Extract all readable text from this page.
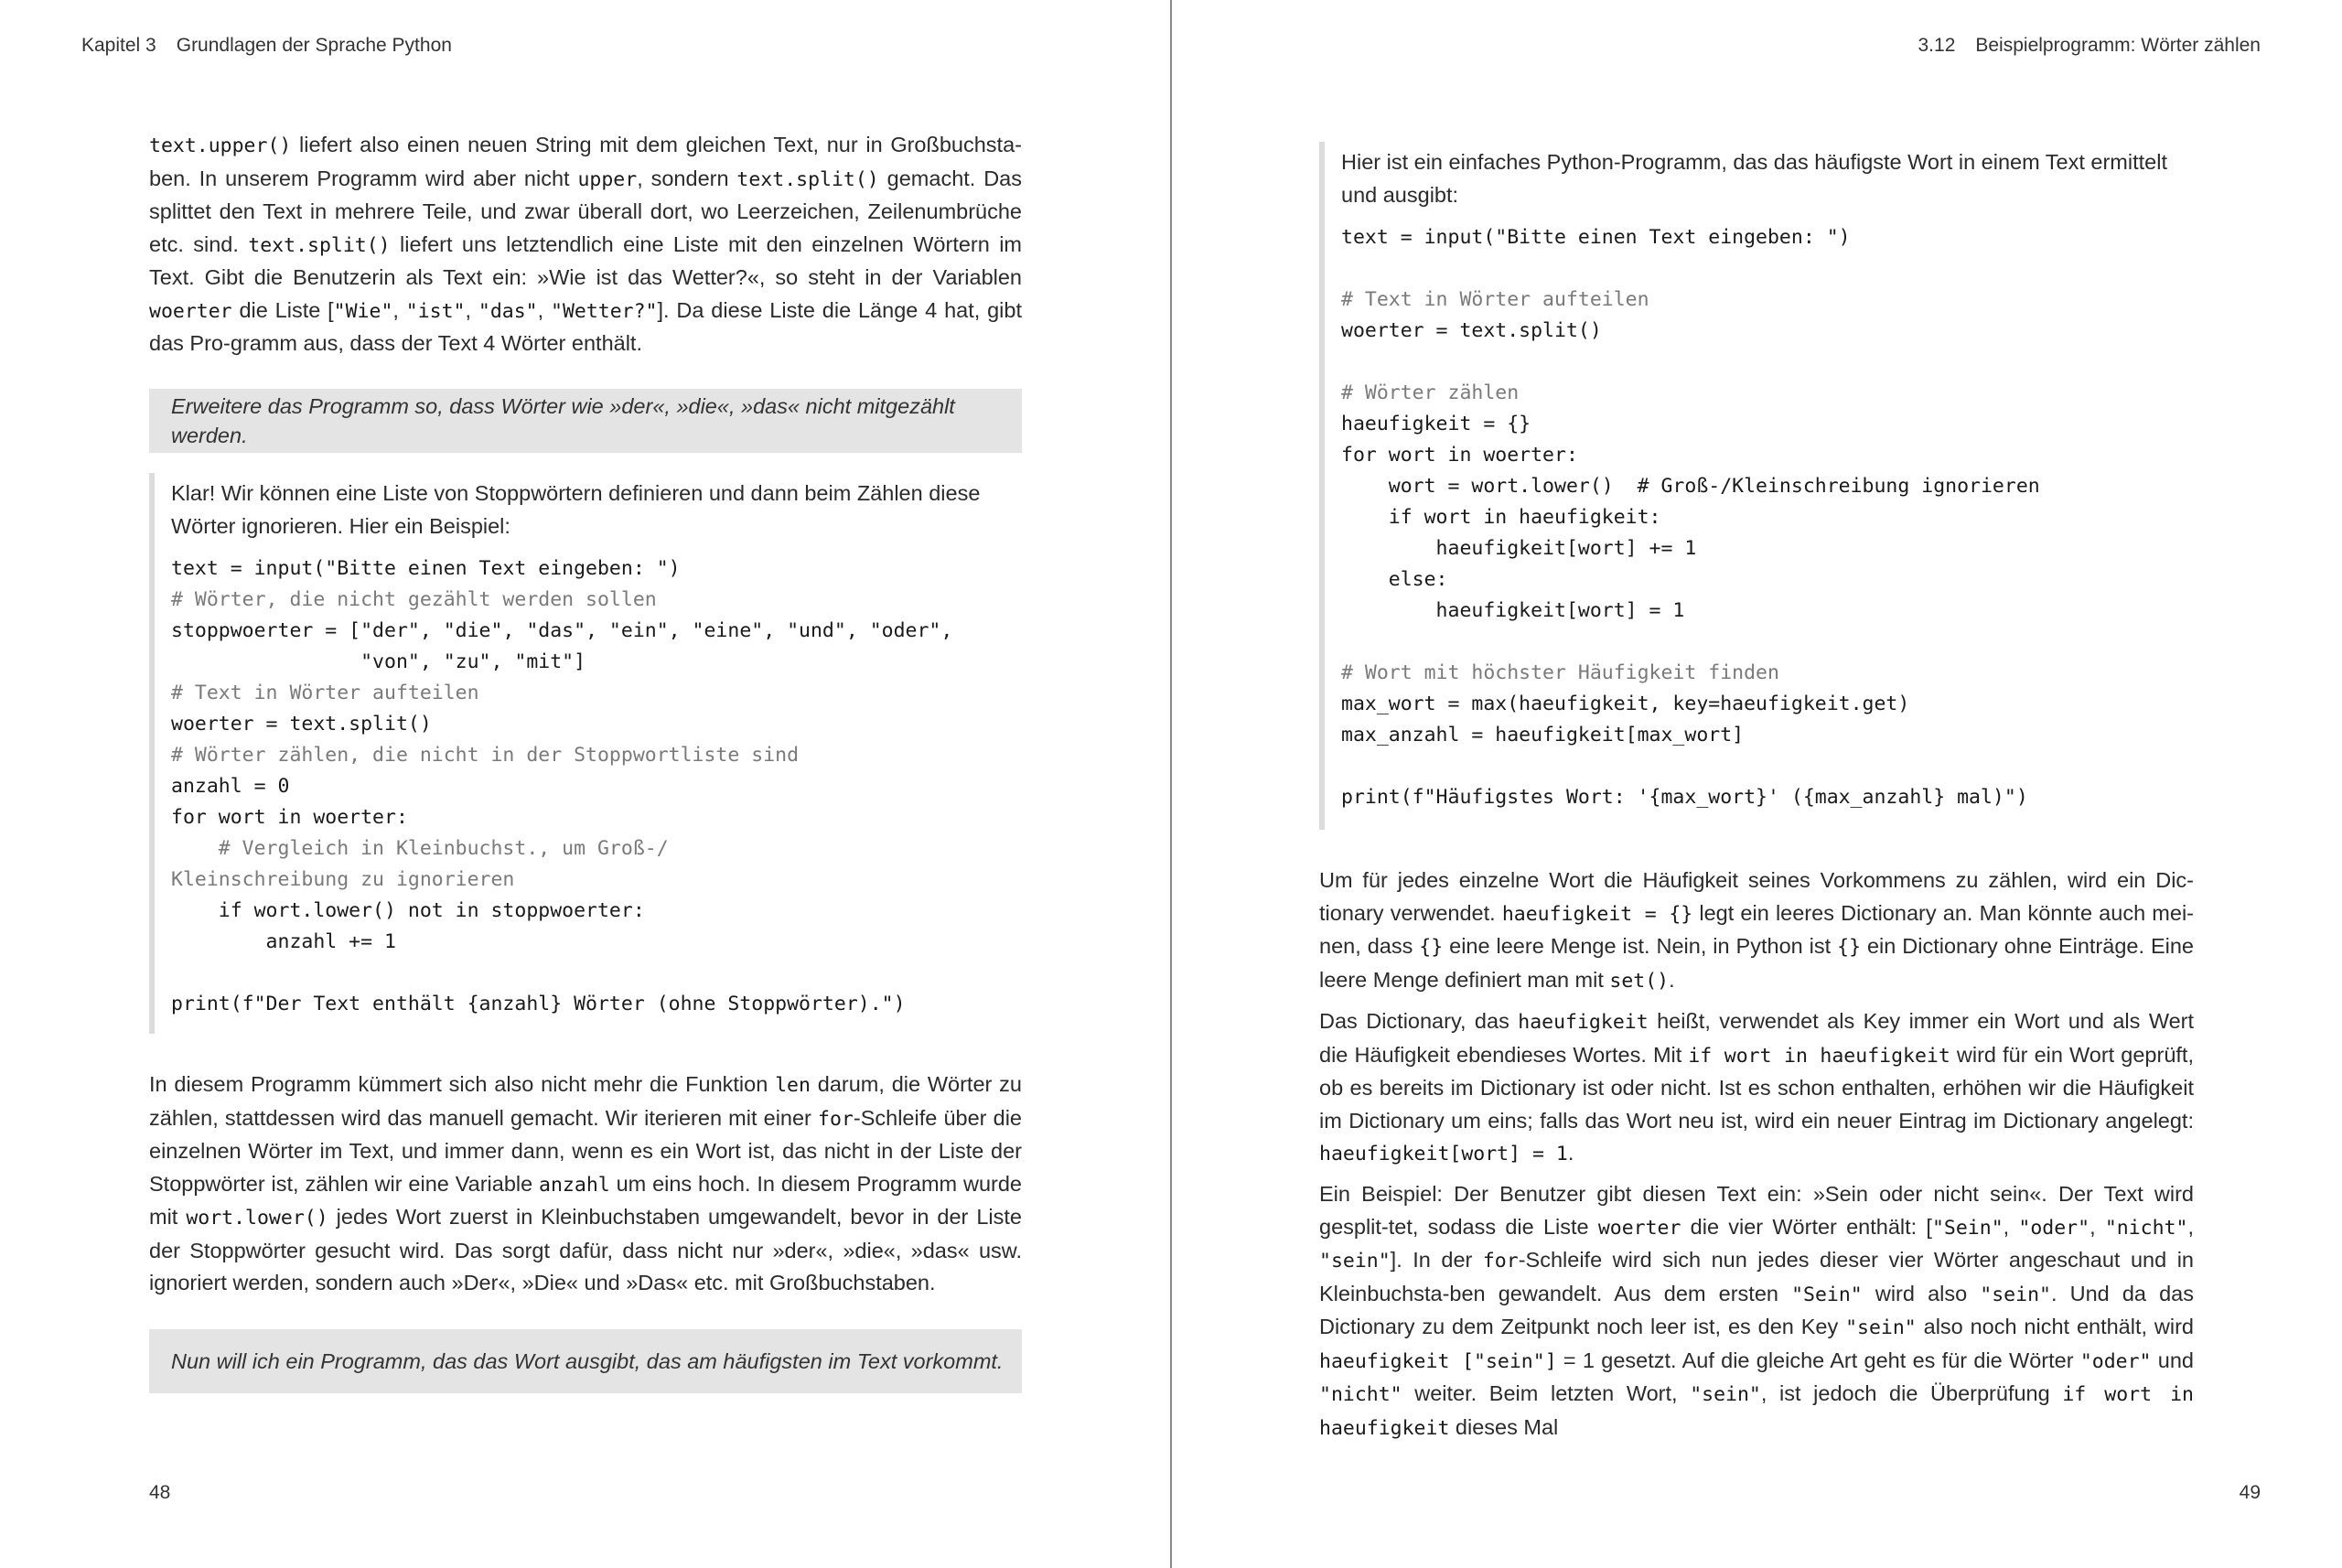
Kapitel 3 Grundlagen der Sprache Python

text.upper() liefert also einen neuen String mit dem gleichen Text, nur in Großbuchsta-ben. In unserem Programm wird aber nicht upper, sondern text.split() gemacht. Das splittet den Text in mehrere Teile, und zwar überall dort, wo Leerzeichen, Zeilenumbrüche etc. sind. text.split() liefert uns letztendlich eine Liste mit den einzelnen Wörtern im Text. Gibt die Benutzerin als Text ein: »Wie ist das Wetter?«, so steht in der Variablen woerter die Liste ["Wie", "ist", "das", "Wetter?"]. Da diese Liste die Länge 4 hat, gibt das Pro-gramm aus, dass der Text 4 Wörter enthält.

Erweitere das Programm so, dass Wörter wie »der«, »die«, »das« nicht mitgezählt werden.

Klar! Wir können eine Liste von Stoppwörtern definieren und dann beim Zählen diese Wörter ignorieren. Hier ein Beispiel:

text = input("Bitte einen Text eingeben: ")
# Wörter, die nicht gezählt werden sollen
stoppwoerter = ["der", "die", "das", "ein", "eine", "und", "oder",
"von", "zu", "mit"]
# Text in Wörter aufteilen
woerter = text.split()
# Wörter zählen, die nicht in der Stoppwortliste sind
anzahl = 0
for wort in woerter:
# Vergleich in Kleinbuchst., um Groß-/
Kleinschreibung zu ignorieren
if wort.lower() not in stoppwoerter:
anzahl += 1
print(f"Der Text enthält {anzahl} Wörter (ohne Stoppwörter).")

In diesem Programm kümmert sich also nicht mehr die Funktion len darum, die Wörter zu zählen, stattdessen wird das manuell gemacht. Wir iterieren mit einer for-Schleife über die einzelnen Wörter im Text, und immer dann, wenn es ein Wort ist, das nicht in der Liste der Stoppwörter ist, zählen wir eine Variable anzahl um eins hoch. In diesem Programm wurde mit wort.lower() jedes Wort zuerst in Kleinbuchstaben umgewandelt, bevor in der Liste der Stoppwörter gesucht wird. Das sorgt dafür, dass nicht nur »der«, »die«, »das« usw. ignoriert werden, sondern auch »Der«, »Die« und »Das« etc. mit Großbuchstaben.

Nun will ich ein Programm, das das Wort ausgibt, das am häufigsten im Text vorkommt.
48
3.12 Beispielprogramm: Wörter zählen

Hier ist ein einfaches Python-Programm, das das häufigste Wort in einem Text ermittelt und ausgibt:

text = input("Bitte einen Text eingeben: ")
# Text in Wörter aufteilen
woerter = text.split()
# Wörter zählen
haeufigkeit = {}
for wort in woerter:
wort = wort.lower()  # Groß-/Kleinschreibung ignorieren
if wort in haeufigkeit:
haeufigkeit[wort] += 1
else:
haeufigkeit[wort] = 1
# Wort mit höchster Häufigkeit finden
max_wort = max(haeufigkeit, key=haeufigkeit.get)
max_anzahl = haeufigkeit[max_wort]
print(f"Häufigstes Wort: '{max_wort}' ({max_anzahl} mal)")

Um für jedes einzelne Wort die Häufigkeit seines Vorkommens zu zählen, wird ein Dic-tionary verwendet. haeufigkeit = {} legt ein leeres Dictionary an. Man könnte auch mei-nen, dass {} eine leere Menge ist. Nein, in Python ist {} ein Dictionary ohne Einträge. Eine leere Menge definiert man mit set().

Das Dictionary, das haeufigkeit heißt, verwendet als Key immer ein Wort und als Wert die Häufigkeit ebendieses Wortes. Mit if wort in haeufigkeit wird für ein Wort geprüft, ob es bereits im Dictionary ist oder nicht. Ist es schon enthalten, erhöhen wir die Häufigkeit im Dictionary um eins; falls das Wort neu ist, wird ein neuer Eintrag im Dictionary angelegt: haeufigkeit[wort] = 1.

Ein Beispiel: Der Benutzer gibt diesen Text ein: »Sein oder nicht sein«. Der Text wird gesplit-tet, sodass die Liste woerter die vier Wörter enthält: ["Sein", "oder", "nicht", "sein"]. In der for-Schleife wird sich nun jedes dieser vier Wörter angeschaut und in Kleinbuchsta-ben gewandelt. Aus dem ersten "Sein" wird also "sein". Und da das Dictionary zu dem Zeitpunkt noch leer ist, es den Key "sein" also noch nicht enthält, wird haeufigkeit ["sein"] = 1 gesetzt. Auf die gleiche Art geht es für die Wörter "oder" und "nicht" weiter. Beim letzten Wort, "sein", ist jedoch die Überprüfung if wort in haeufigkeit dieses Mal

49
